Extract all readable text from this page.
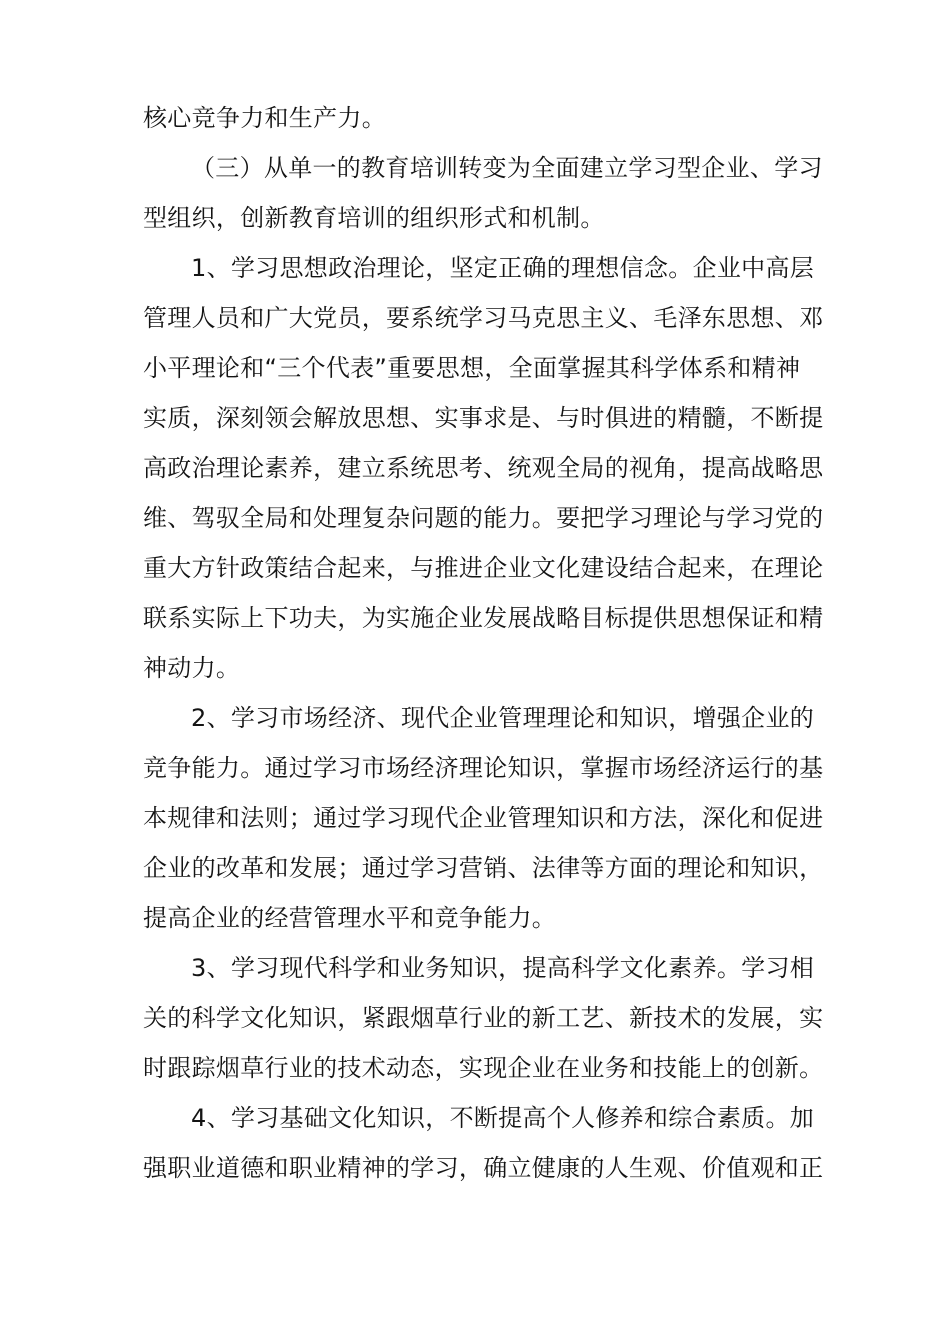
核心竞争力和生产力。
（三）从单一的教育培训转变为全面建立学习型企业、学习
型组织，创新教育培训的组织形式和机制。
1、学习思想政治理论，坚定正确的理想信念。企业中高层
管理人员和广大党员，要系统学习马克思主义、毛泽东思想、邓
小平理论和“三个代表”重要思想，全面掌握其科学体系和精神
实质，深刻领会解放思想、实事求是、与时俱进的精髓，不断提
高政治理论素养，建立系统思考、统观全局的视角，提高战略思
维、驾驭全局和处理复杂问题的能力。要把学习理论与学习党的
重大方针政策结合起来，与推进企业文化建设结合起来，在理论
联系实际上下功夫，为实施企业发展战略目标提供思想保证和精
神动力。
2、学习市场经济、现代企业管理理论和知识，增强企业的
竞争能力。通过学习市场经济理论知识，掌握市场经济运行的基
本规律和法则；通过学习现代企业管理知识和方法，深化和促进
企业的改革和发展；通过学习营销、法律等方面的理论和知识，
提高企业的经营管理水平和竞争能力。
3、学习现代科学和业务知识，提高科学文化素养。学习相
关的科学文化知识，紧跟烟草行业的新工艺、新技术的发展，实
时跟踪烟草行业的技术动态，实现企业在业务和技能上的创新。
4、学习基础文化知识，不断提高个人修养和综合素质。加
强职业道德和职业精神的学习，确立健康的人生观、价值观和正
